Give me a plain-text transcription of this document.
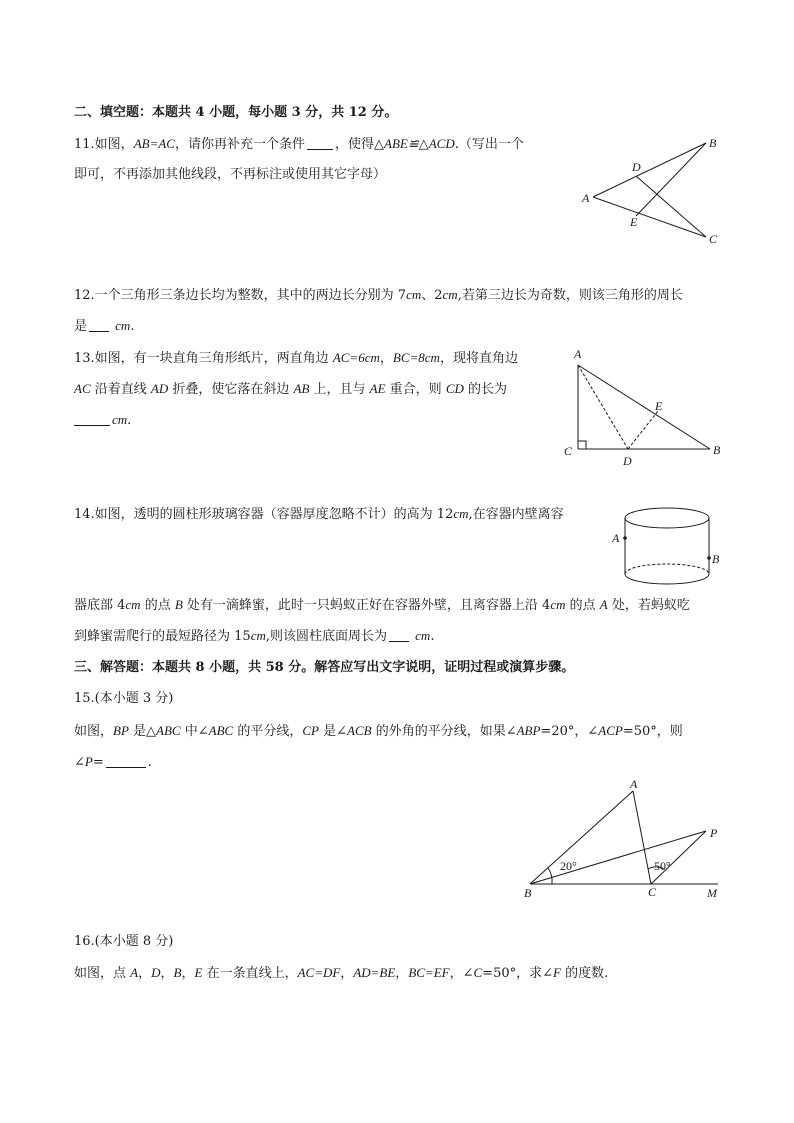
二、填空题：本题共 4 小题，每小题 3 分，共 12 分。
11.如图，AB=AC，请你再补充一个条件 ，使得△ABE≌△ACD.（写出一个
即可，不再添加其他线段，不再标注或使用其它字母）
A
B
C
D
E
12.一个三角形三条边长均为整数，其中的两边长分别为 7cm、2cm,若第三边长为奇数，则该三角形的周长
是 cm.
13.如图，有一块直角三角形纸片，两直角边 AC=6cm，BC=8cm，现将直角边
AC 沿着直线 AD 折叠，使它落在斜边 AB 上，且与 AE 重合，则 CD 的长为
cm.
A
B
C
D
E
14.如图，透明的圆柱形玻璃容器（容器厚度忽略不计）的高为 12cm,在容器内壁离容
A
B
器底部 4cm 的点 B 处有一滴蜂蜜，此时一只蚂蚁正好在容器外壁，且离容器上沿 4cm 的点 A 处，若蚂蚁吃
到蜂蜜需爬行的最短路径为 15cm,则该圆柱底面周长为 cm.
三、解答题：本题共 8 小题，共 58 分。解答应写出文字说明，证明过程或演算步骤。
15.(本小题 3 分)
如图，BP 是△ABC 中∠ABC 的平分线，CP 是∠ACB 的外角的平分线，如果∠ABP=20°，∠ACP=50°，则
∠P=	.
A
B	C
P
M
20°	50°
16.(本小题 8 分)
如图，点 A，D，B，E 在一条直线上，AC=DF，AD=BE，BC=EF，∠C=50°，求∠F 的度数.
